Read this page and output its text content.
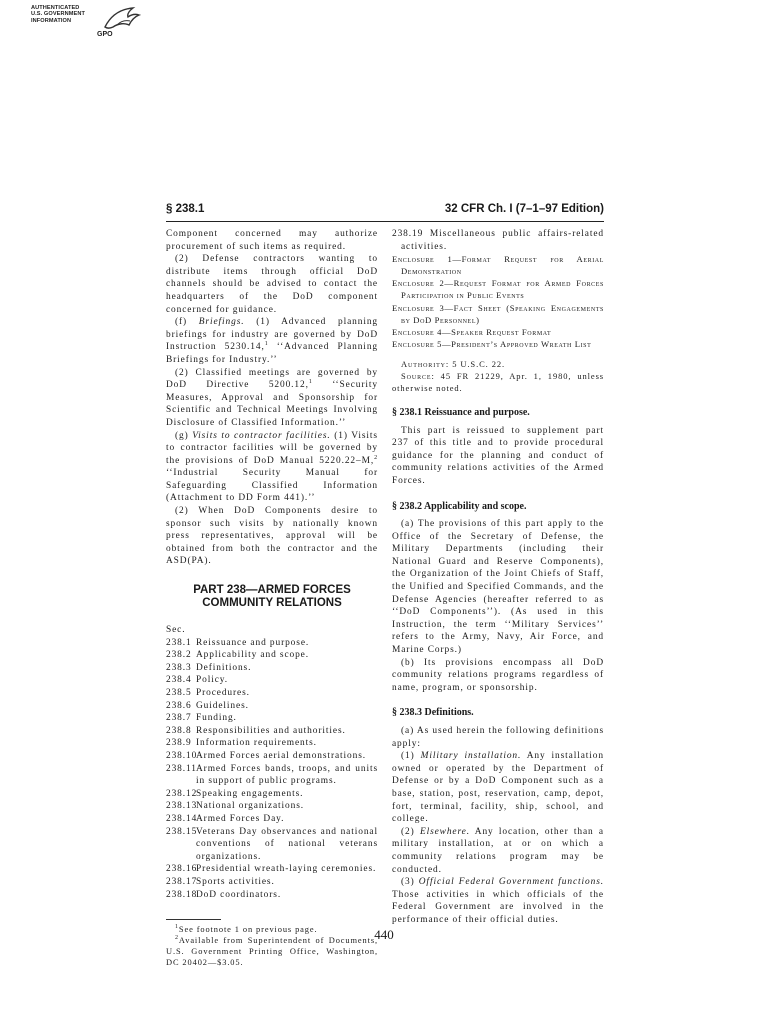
AUTHENTICATED
U.S. GOVERNMENT
INFORMATION
GPO
§ 238.1	32 CFR Ch. I (7–1–97 Edition)

Component concerned may authorize procurement of such items as required.

(2) Defense contractors wanting to distribute items through official DoD channels should be advised to contact the headquarters of the DoD component concerned for guidance.

(f) Briefings. (1) Advanced planning briefings for industry are governed by DoD Instruction 5230.14,$^1$ ‘‘Advanced Planning Briefings for Industry.’’

(2) Classified meetings are governed by DoD Directive 5200.12,$^1$ ‘‘Security Measures, Approval and Sponsorship for Scientific and Technical Meetings Involving Disclosure of Classified Information.’’

(g) Visits to contractor facilities. (1) Visits to contractor facilities will be governed by the provisions of DoD Manual 5220.22–M,$^2$ ‘‘Industrial Security Manual for Safeguarding Classified Information (Attachment to DD Form 441).’’

(2) When DoD Components desire to sponsor such visits by nationally known press representatives, approval will be obtained from both the contractor and the ASD(PA).

PART 238—ARMED FORCES
COMMUNITY RELATIONS

Sec.

238.1 Reissuance and purpose.
238.2 Applicability and scope.
238.3 Definitions.
238.4 Policy.
238.5 Procedures.
238.6 Guidelines.
238.7 Funding.
238.8 Responsibilities and authorities.
238.9 Information requirements.
238.10
Armed Forces aerial demonstrations.
238.11 Armed Forces bands, troops, and units in support of public programs.
238.12
Speaking engagements.
238.13
National organizations.
238.14
Armed Forces Day.
238.15
Veterans Day observances and national conventions of national veterans organizations.
238.16
Presidential wreath-laying ceremonies.
238.17
Sports activities.
238.18
DoD coordinators.

$^1$See footnote 1 on previous page.

$^2$Available from Superintendent of Documents, U.S. Government Printing Office, Washington, DC 20402—$3.05.

238.19 Miscellaneous public affairs-related activities.

Enclosure 1—Format Request for Aerial Demonstration

Enclosure 2—Request Format for Armed Forces Participation in Public Events

Enclosure 3—Fact Sheet (Speaking Engagements by DoD Personnel)

Enclosure 4—Speaker Request Format

Enclosure 5—President’s Approved Wreath List

Authority: 5 U.S.C. 22.

Source: 45 FR 21229, Apr. 1, 1980, unless otherwise noted.

§ 238.1 Reissuance and purpose.

This part is reissued to supplement part 237 of this title and to provide procedural guidance for the planning and conduct of community relations activities of the Armed Forces.

§ 238.2 Applicability and scope.

(a) The provisions of this part apply to the Office of the Secretary of Defense, the Military Departments (including their National Guard and Reserve Components), the Organization of the Joint Chiefs of Staff, the Unified and Specified Commands, and the Defense Agencies (hereafter referred to as ‘‘DoD Components’’). (As used in this Instruction, the term ‘‘Military Services’’ refers to the Army, Navy, Air Force, and Marine Corps.)

(b) Its provisions encompass all DoD community relations programs regardless of name, program, or sponsorship.

§ 238.3 Definitions.

(a) As used herein the following definitions apply:

(1) Military installation. Any installation owned or operated by the Department of Defense or by a DoD Component such as a base, station, post, reservation, camp, depot, fort, terminal, facility, ship, school, and college.

(2) Elsewhere. Any location, other than a military installation, at or on which a community relations program may be conducted.

(3) Official Federal Government functions. Those activities in which officials of the Federal Government are involved in the performance of their official duties.

440
